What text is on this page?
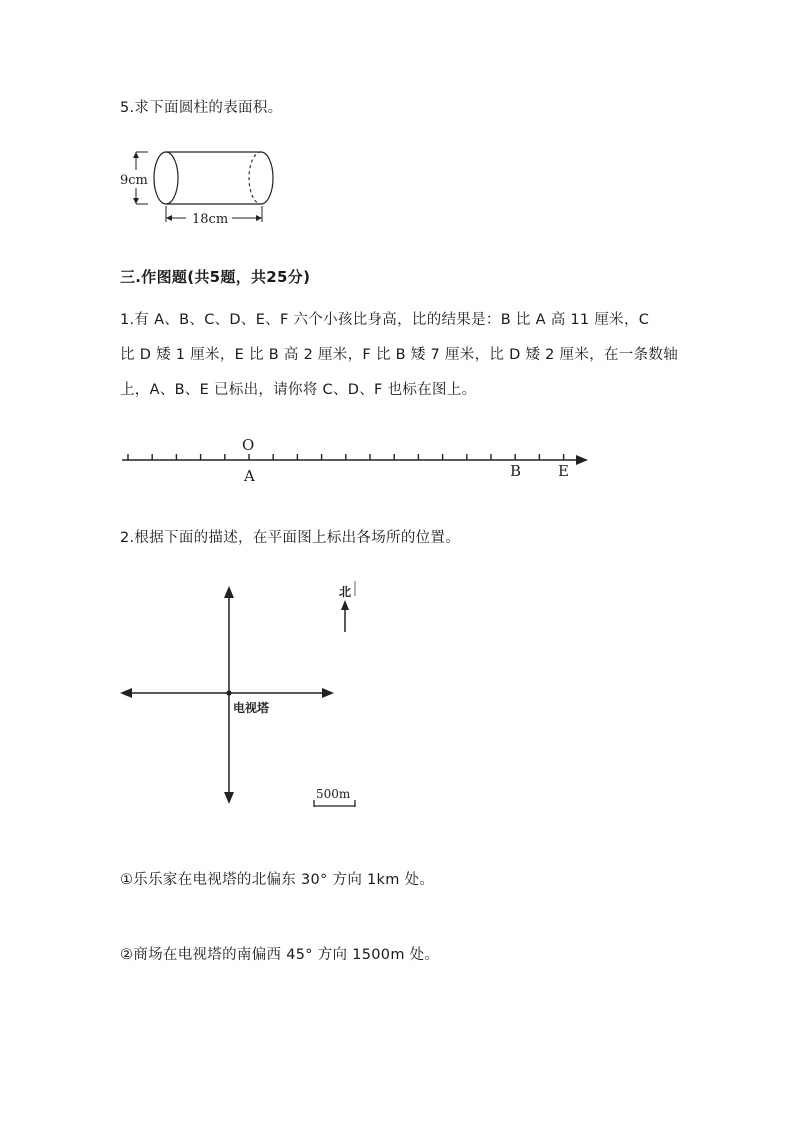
5.求下面圆柱的表面积。
9cm
18cm
三.作图题(共5题，共25分)
1.有 A、B、C、D、E、F 六个小孩比身高，比的结果是：B 比 A 高 11 厘米，C
比 D 矮 1 厘米，E 比 B 高 2 厘米，F 比 B 矮 7 厘米，比 D 矮 2 厘米，在一条数轴
上，A、B、E 已标出，请你将 C、D、F 也标在图上。
O
A	B E
2.根据下面的描述，在平面图上标出各场所的位置。
电视塔
北
500m
①乐乐家在电视塔的北偏东 30° 方向 1km 处。
②商场在电视塔的南偏西 45° 方向 1500m 处。
